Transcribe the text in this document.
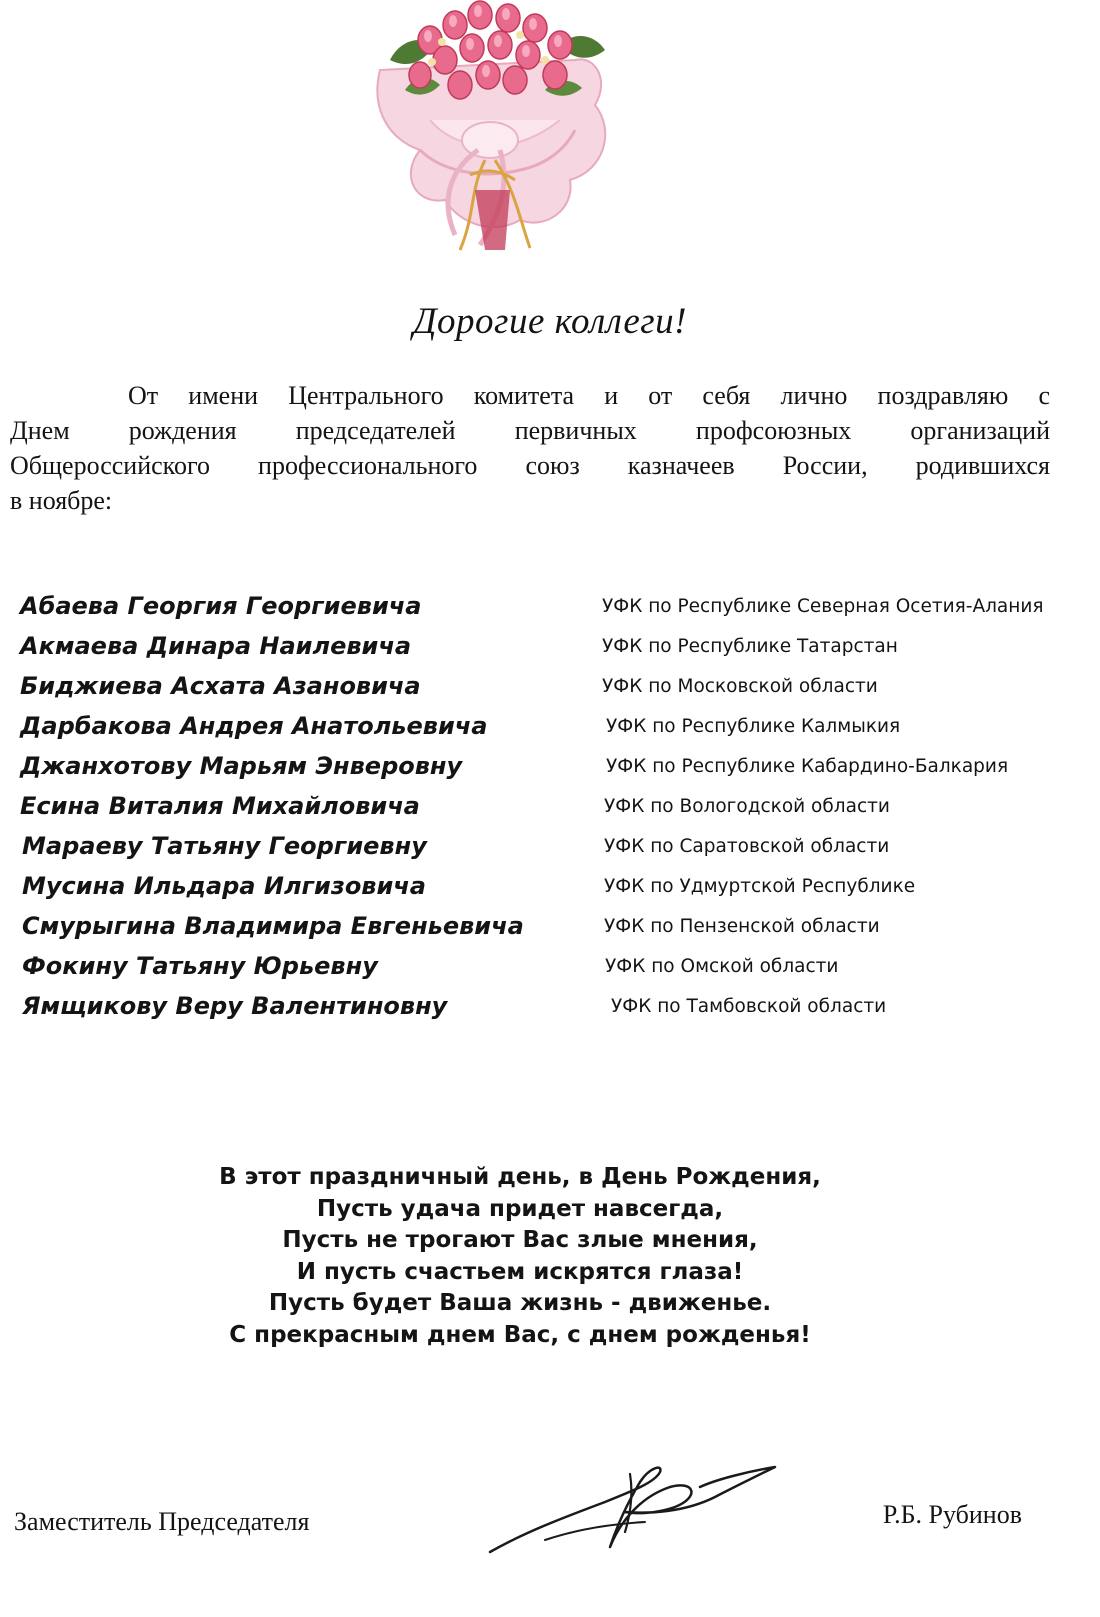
Дорогие коллеги!
От имени Центрального комитета и от себя лично поздравляю с
Днем рождения председателей первичных профсоюзных организаций
Общероссийского профессионального союз казначеев России, родившихся
в ноябре:
Абаева Георгия Георгиевича	УФК по Республике Северная Осетия-Алания
Акмаева Динара Наилевича	УФК по Республике Татарстан
Биджиева Асхата Азановича	УФК по Московской области
Дарбакова Андрея Анатольевича	УФК по Республике Калмыкия
Джанхотову Марьям Энверовну	УФК по Республике Кабардино-Балкария
Есина Виталия Михайловича	УФК по Вологодской области
Мараеву Татьяну Георгиевну	УФК по Саратовской области
Мусина Ильдара Илгизовича	УФК по Удмуртской Республике
Смурыгина Владимира Евгеньевича	УФК по Пензенской области
Фокину Татьяну Юрьевну	УФК по Омской области
Ямщикову Веру Валентиновну	УФК по Тамбовской области
В этот праздничный день, в День Рождения,
Пусть удача придет навсегда,
Пусть не трогают Вас злые мнения,
И пусть счастьем искрятся глаза!
Пусть будет Ваша жизнь - движенье.
С прекрасным днем Вас, с днем рожденья!
Заместитель Председателя	Р.Б. Рубинов
